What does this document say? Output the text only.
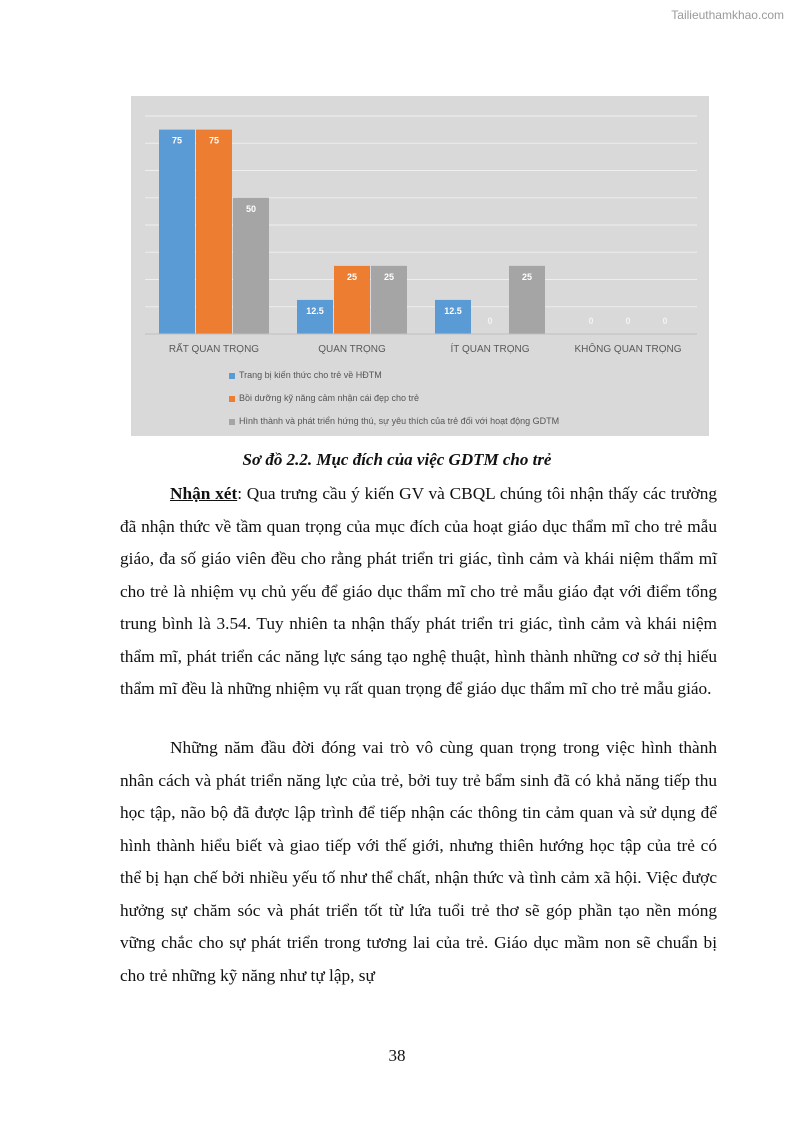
Tailieuthamkhao.com
75	75
50
RẤT QUAN TRỌNG
12.5
25	25
QUAN TRỌNG
12.5
0
25
ÍT QUAN TRỌNG
0	0	0
KHÔNG QUAN TRỌNG
Trang bị kiến thức cho trẻ về HĐTM
Bồi dưỡng kỹ năng cảm nhận cái đẹp cho trẻ
Hình thành và phát triển hứng thú, sự yêu thích của trẻ đối với hoạt động GDTM
Sơ đồ 2.2. Mục đích của việc GDTM cho trẻ

Nhận xét: Qua trưng cầu ý kiến GV và CBQL chúng tôi nhận thấy các trường đã nhận thức về tầm quan trọng của mục đích của hoạt giáo dục thẩm mĩ cho trẻ mẫu giáo, đa số giáo viên đều cho rằng phát triển tri giác, tình cảm và khái niệm thẩm mĩ cho trẻ là nhiệm vụ chủ yếu để giáo dục thẩm mĩ cho trẻ mẫu giáo đạt với điểm tổng trung bình là 3.54. Tuy nhiên ta nhận thấy phát triển tri giác, tình cảm và khái niệm thẩm mĩ, phát triển các năng lực sáng tạo nghệ thuật, hình thành những cơ sở thị hiếu thẩm mĩ đều là những nhiệm vụ rất quan trọng để giáo dục thẩm mĩ cho trẻ mẫu giáo.

Những năm đầu đời đóng vai trò vô cùng quan trọng trong việc hình thành nhân cách và phát triển năng lực của trẻ, bởi tuy trẻ bẩm sinh đã có khả năng tiếp thu học tập, não bộ đã được lập trình để tiếp nhận các thông tin cảm quan và sử dụng để hình thành hiểu biết và giao tiếp với thế giới, nhưng thiên hướng học tập của trẻ có thể bị hạn chế bởi nhiều yếu tố như thể chất, nhận thức và tình cảm xã hội. Việc được hưởng sự chăm sóc và phát triển tốt từ lứa tuổi trẻ thơ sẽ góp phần tạo nền móng vững chắc cho sự phát triển trong tương lai của trẻ. Giáo dục mầm non sẽ chuẩn bị cho trẻ những kỹ năng như tự lập, sự

38
